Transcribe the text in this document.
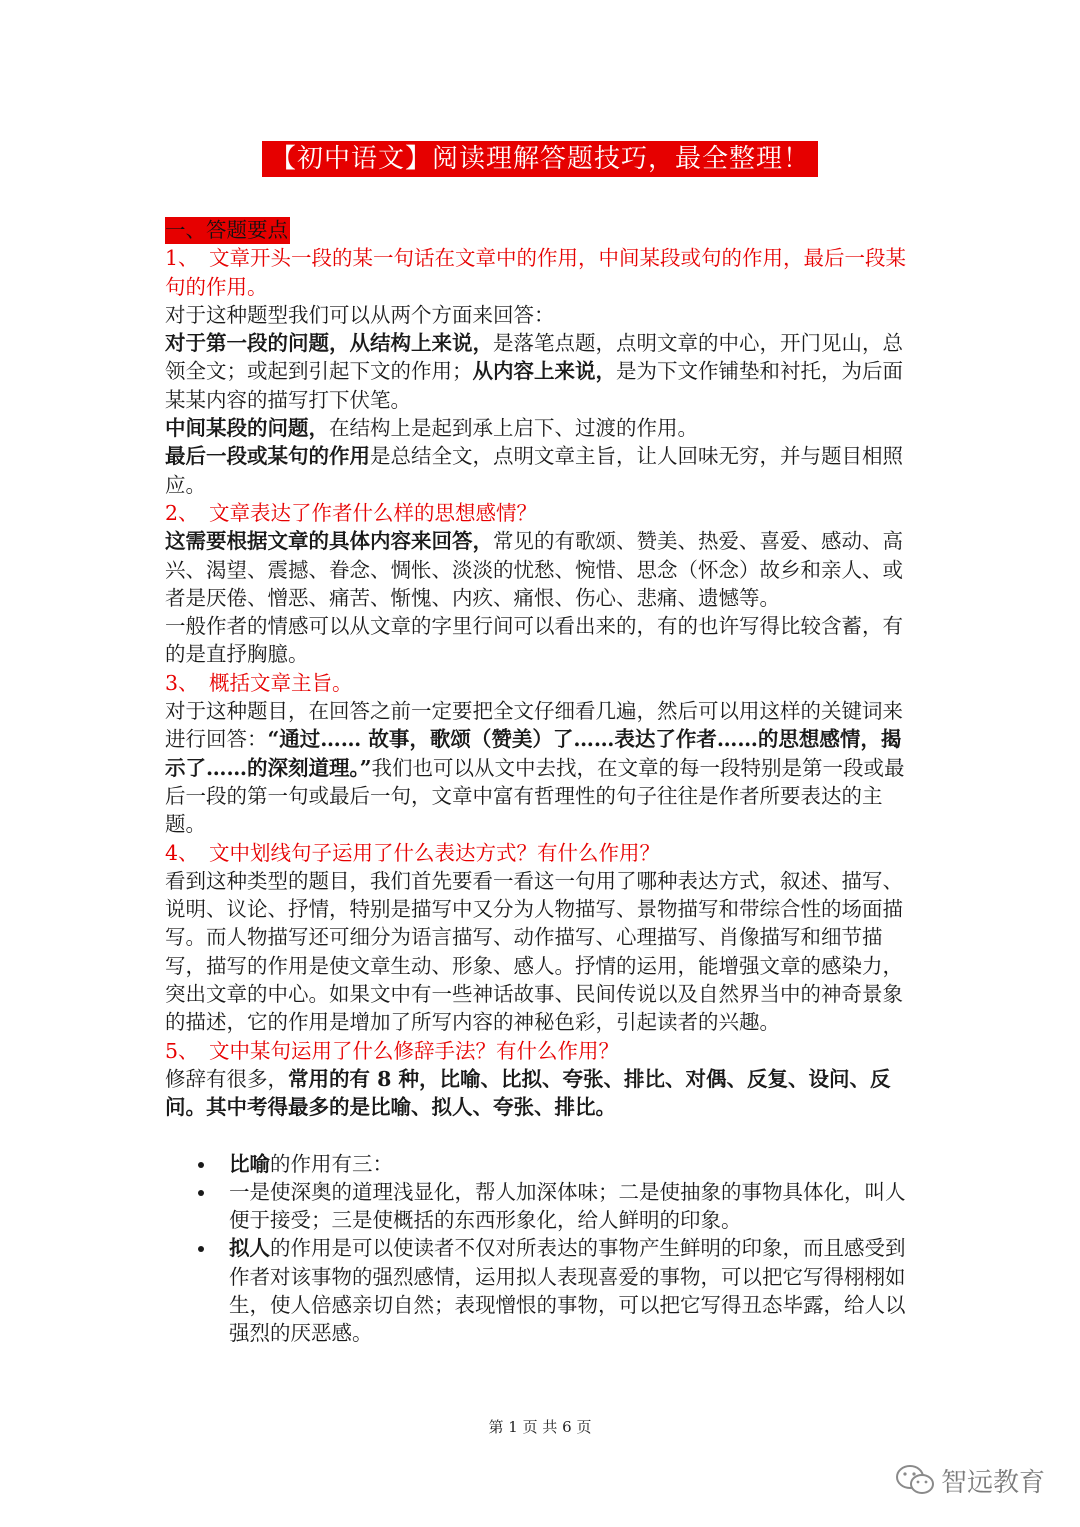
【初中语文】阅读理解答题技巧，最全整理！

一、答题要点

1、 文章开头一段的某一句话在文章中的作用，中间某段或句的作用，最后一段某句的作用。

对于这种题型我们可以从两个方面来回答：

对于第一段的问题，从结构上来说，是落笔点题，点明文章的中心，开门见山，总领全文；或起到引起下文的作用；从内容上来说，是为下文作铺垫和衬托，为后面某某内容的描写打下伏笔。

中间某段的问题，在结构上是起到承上启下、过渡的作用。

最后一段或某句的作用是总结全文，点明文章主旨，让人回味无穷，并与题目相照应。

2、 文章表达了作者什么样的思想感情？

这需要根据文章的具体内容来回答，常见的有歌颂、赞美、热爱、喜爱、感动、高兴、渴望、震撼、眷念、惆怅、淡淡的忧愁、惋惜、思念（怀念）故乡和亲人、或者是厌倦、憎恶、痛苦、惭愧、内疚、痛恨、伤心、悲痛、遗憾等。

一般作者的情感可以从文章的字里行间可以看出来的，有的也许写得比较含蓄，有的是直抒胸臆。

3、 概括文章主旨。

对于这种题目，在回答之前一定要把全文仔细看几遍，然后可以用这样的关键词来进行回答：“通过…… 故事，歌颂（赞美）了……表达了作者……的思想感情，揭示了……的深刻道理。”我们也可以从文中去找，在文章的每一段特别是第一段或最后一段的第一句或最后一句，文章中富有哲理性的句子往往是作者所要表达的主题。

4、 文中划线句子运用了什么表达方式？有什么作用？

看到这种类型的题目，我们首先要看一看这一句用了哪种表达方式，叙述、描写、说明、议论、抒情，特别是描写中又分为人物描写、景物描写和带综合性的场面描写。而人物描写还可细分为语言描写、动作描写、心理描写、肖像描写和细节描写，描写的作用是使文章生动、形象、感人。抒情的运用，能增强文章的感染力，突出文章的中心。如果文中有一些神话故事、民间传说以及自然界当中的神奇景象的描述，它的作用是增加了所写内容的神秘色彩，引起读者的兴趣。

5、 文中某句运用了什么修辞手法？有什么作用？

修辞有很多，常用的有 8 种，比喻、比拟、夸张、排比、对偶、反复、设问、反问。其中考得最多的是比喻、拟人、夸张、排比。

比喻的作用有三：
一是使深奥的道理浅显化，帮人加深体味；二是使抽象的事物具体化，叫人便于接受；三是使概括的东西形象化，给人鲜明的印象。
拟人的作用是可以使读者不仅对所表达的事物产生鲜明的印象，而且感受到作者对该事物的强烈感情，运用拟人表现喜爱的事物，可以把它写得栩栩如生，使人倍感亲切自然；表现憎恨的事物，可以把它写得丑态毕露，给人以强烈的厌恶感。
第 1 页 共 6 页
智远教育
